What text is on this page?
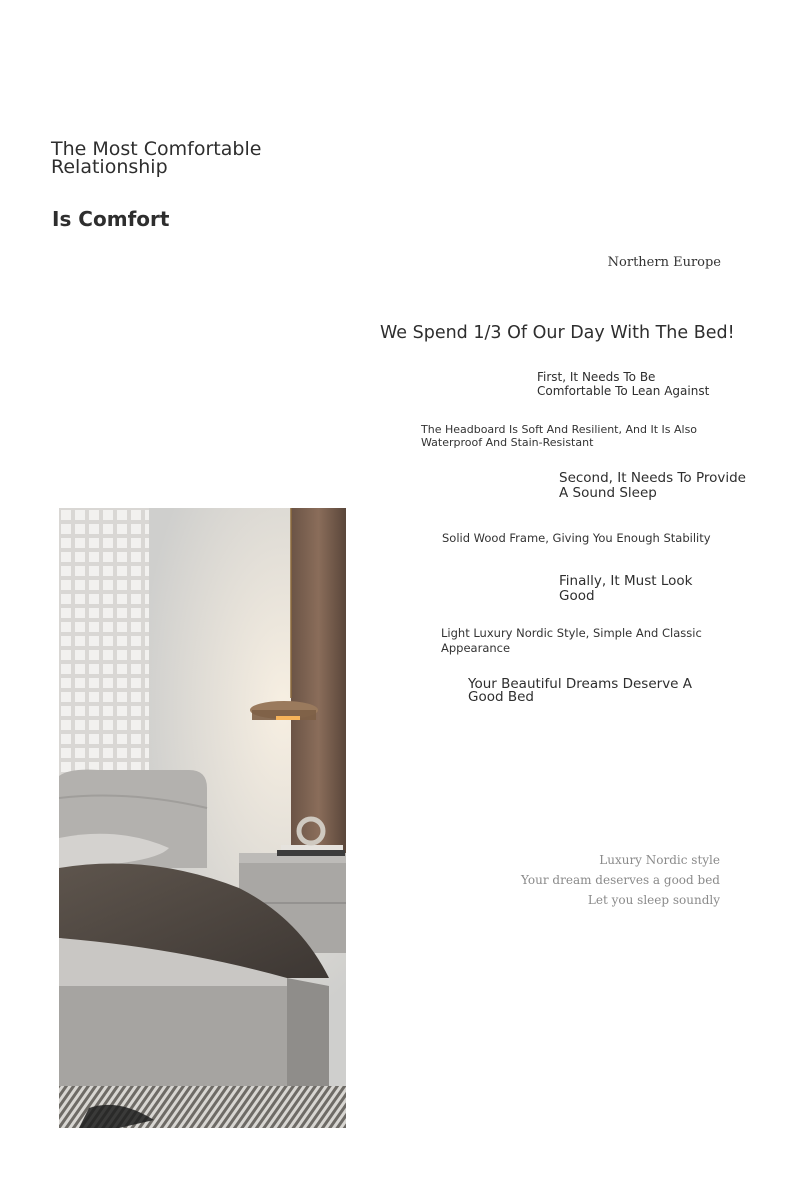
The Most Comfortable
Relationship
Is Comfort
Northern Europe
We Spend 1/3 Of Our Day With The Bed!
First, It Needs To Be
Comfortable To Lean Against
The Headboard Is Soft And Resilient, And It Is Also
Waterproof And Stain-Resistant
Second, It Needs To Provide
A Sound Sleep
Solid Wood Frame, Giving You Enough Stability
Finally, It Must Look
Good
Light Luxury Nordic Style, Simple And Classic
Appearance
Your Beautiful Dreams Deserve A
Good Bed
Luxury Nordic style
Your dream deserves a good bed
Let you sleep soundly
